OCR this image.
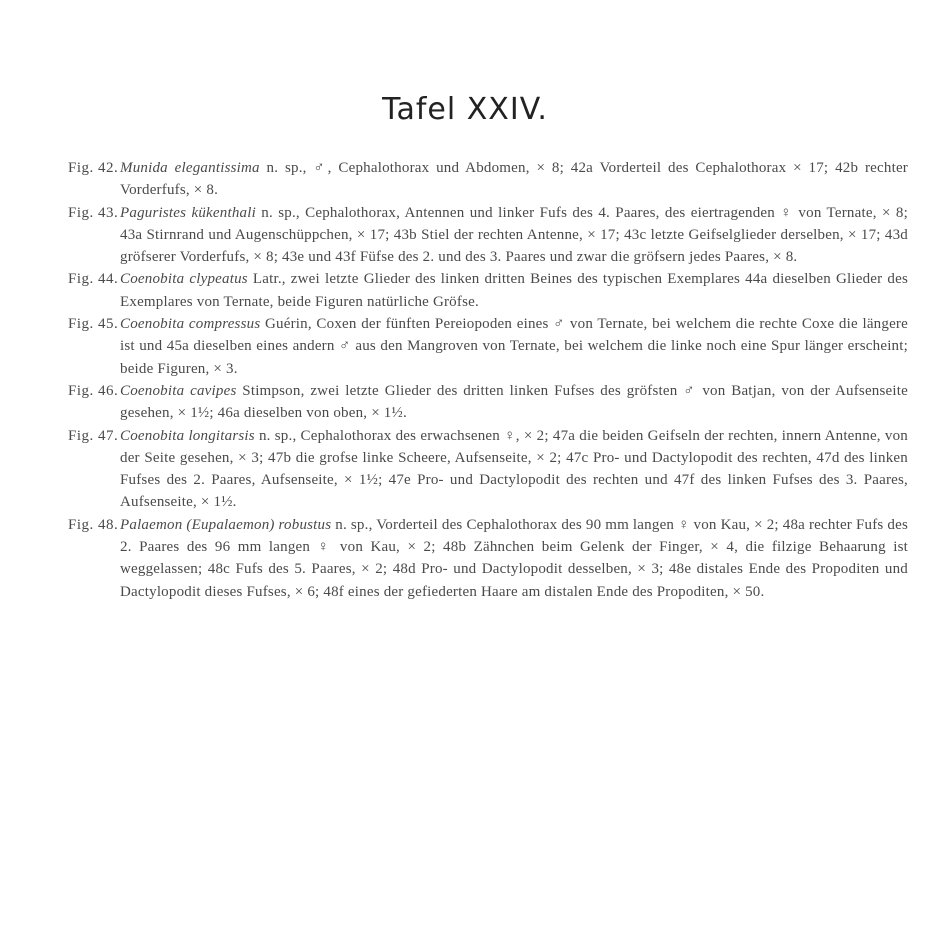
Tafel XXIV.
Fig. 42. Munida elegantissima n. sp., ♂, Cephalothorax und Abdomen, × 8; 42a Vorderteil des Cephalothorax × 17; 42b rechter Vorderfufs, × 8.
Fig. 43. Paguristes kükenthali n. sp., Cephalothorax, Antennen und linker Fufs des 4. Paares, des eiertragenden ♀ von Ternate, × 8; 43a Stirnrand und Augenschüppchen, × 17; 43b Stiel der rechten Antenne, × 17; 43c letzte Geifselglieder derselben, × 17; 43d gröfserer Vorderfufs, × 8; 43e und 43f Füfse des 2. und des 3. Paares und zwar die gröfsern jedes Paares, × 8.
Fig. 44. Coenobita clypeatus Latr., zwei letzte Glieder des linken dritten Beines des typischen Exemplares 44a dieselben Glieder des Exemplares von Ternate, beide Figuren natürliche Gröfse.
Fig. 45. Coenobita compressus Guérin, Coxen der fünften Pereiopoden eines ♂ von Ternate, bei welchem die rechte Coxe die längere ist und 45a dieselben eines andern ♂ aus den Mangroven von Ternate, bei welchem die linke noch eine Spur länger erscheint; beide Figuren, × 3.
Fig. 46. Coenobita cavipes Stimpson, zwei letzte Glieder des dritten linken Fufses des gröfsten ♂ von Batjan, von der Aufsenseite gesehen, × 1½; 46a dieselben von oben, × 1½.
Fig. 47. Coenobita longitarsis n. sp., Cephalothorax des erwachsenen ♀, × 2; 47a die beiden Geifseln der rechten, innern Antenne, von der Seite gesehen, × 3; 47b die grofse linke Scheere, Aufsenseite, × 2; 47c Pro- und Dactylopodit des rechten, 47d des linken Fufses des 2. Paares, Aufsenseite, × 1½; 47e Pro- und Dactylopodit des rechten und 47f des linken Fufses des 3. Paares, Aufsenseite, × 1½.
Fig. 48. Palaemon (Eupalaemon) robustus n. sp., Vorderteil des Cephalothorax des 90 mm langen ♀ von Kau, × 2; 48a rechter Fufs des 2. Paares des 96 mm langen ♀ von Kau, × 2; 48b Zähnchen beim Gelenk der Finger, × 4, die filzige Behaarung ist weggelassen; 48c Fufs des 5. Paares, × 2; 48d Pro- und Dactylopodit desselben, × 3; 48e distales Ende des Propoditen und Dactylopodit dieses Fufses, × 6; 48f eines der gefiederten Haare am distalen Ende des Propoditen, × 50.
